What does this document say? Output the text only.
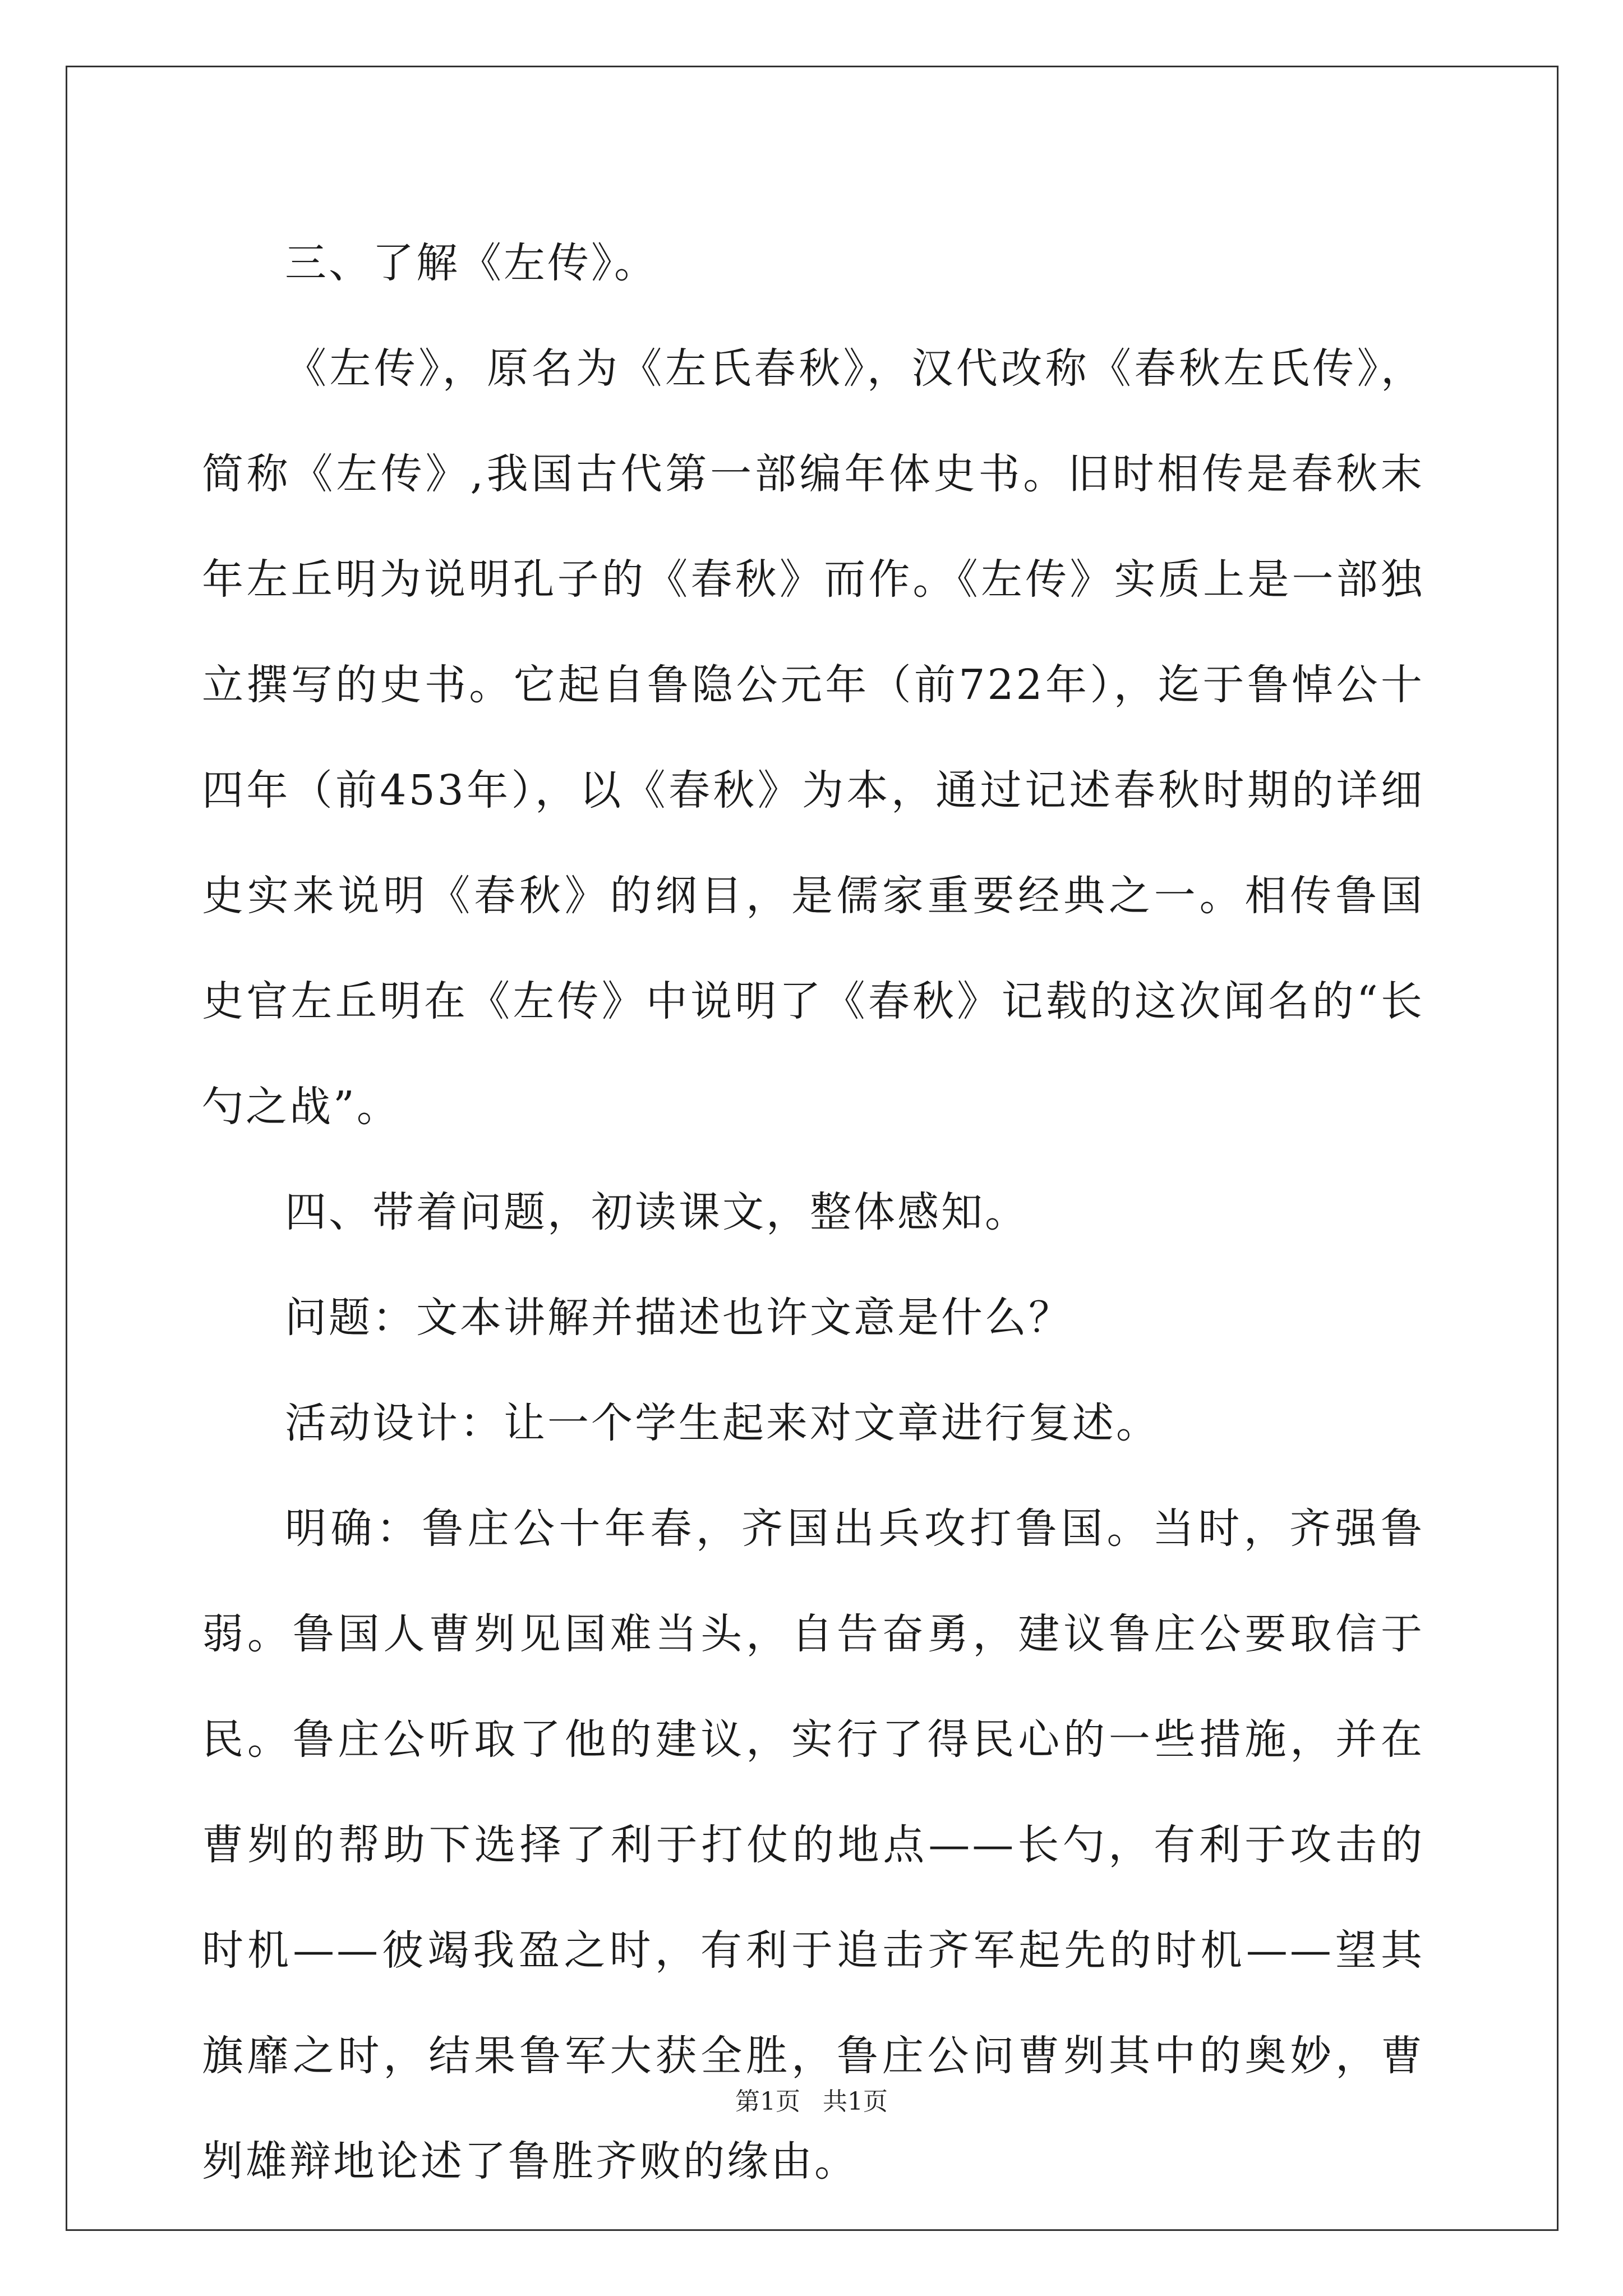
三、了解《左传》。

《左传》，原名为《左氏春秋》，汉代改称《春秋左氏传》，简称《左传》,我国古代第一部编年体史书。旧时相传是春秋末年左丘明为说明孔子的《春秋》而作。《左传》实质上是一部独立撰写的史书。它起自鲁隐公元年（前722年），迄于鲁悼公十四年（前453年），以《春秋》为本，通过记述春秋时期的详细史实来说明《春秋》的纲目，是儒家重要经典之一。相传鲁国史官左丘明在《左传》中说明了《春秋》记载的这次闻名的“长勺之战”。

四、带着问题，初读课文，整体感知。

问题：文本讲解并描述也许文意是什么？

活动设计：让一个学生起来对文章进行复述。

明确：鲁庄公十年春，齐国出兵攻打鲁国。当时，齐强鲁弱。鲁国人曹刿见国难当头，自告奋勇，建议鲁庄公要取信于民。鲁庄公听取了他的建议，实行了得民心的一些措施，并在曹刿的帮助下选择了利于打仗的地点——长勺，有利于攻击的时机——彼竭我盈之时，有利于追击齐军起先的时机——望其旗靡之时，结果鲁军大获全胜，鲁庄公问曹刿其中的奥妙，曹刿雄辩地论述了鲁胜齐败的缘由。

第1页 共1页
